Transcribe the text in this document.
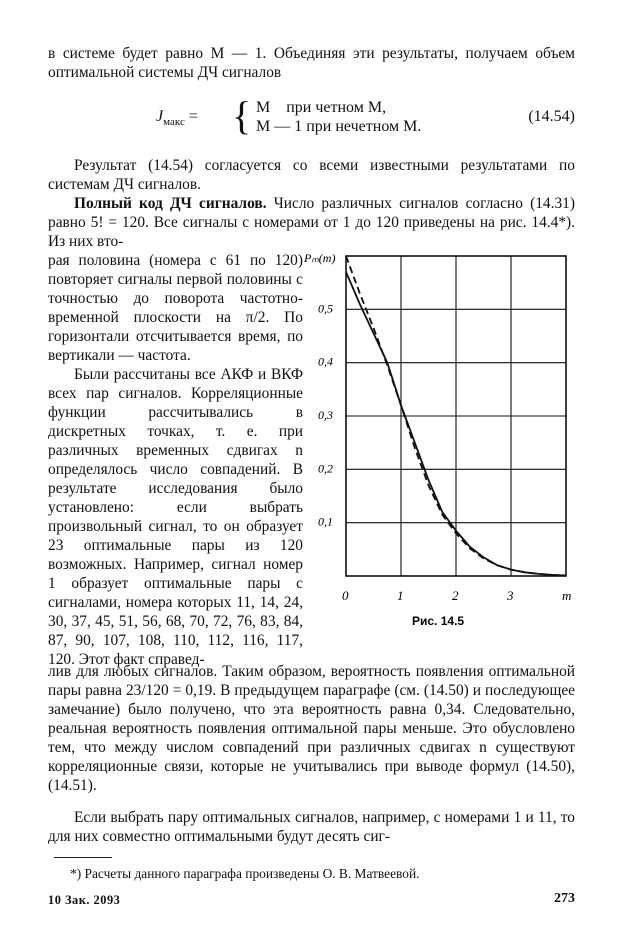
в системе будет равно M — 1. Объединяя эти результаты, получаем объем оптимальной системы ДЧ сигналов
$J_{макс}$ = { M    при четном M,
M — 1 при нечетном M.
(14.54)
Результат (14.54) согласуется со всеми известными результатами по системам ДЧ сигналов.
Полный код ДЧ сигналов. Число различных сигналов согласно (14.31) равно 5! = 120. Все сигналы с номерами от 1 до 120 приведены на рис. 14.4*). Из них вто-
рая половина (номера с 61 по 120) повторяет сигналы первой половины с точностью до поворота частотно-временной плоскости на π/2. По горизонтали отсчитывается время, по вертикали — частота.
Были рассчитаны все АКФ и ВКФ всех пар сигналов. Корреляционные функции рассчитывались в дискретных точках, т. е. при различных временных сдвигах n определялось число совпадений. В результате исследования было установлено: если выбрать произвольный сигнал, то он образует 23 оптимальные пары из 120 возможных. Например, сигнал номер 1 образует оптимальные пары с сигналами, номера которых 11, 14, 24, 30, 37, 45, 51, 56, 68, 70, 72, 76, 83, 84, 87, 90, 107, 108, 110, 112, 116, 117, 120. Этот факт справед-
лив для любых сигналов. Таким образом, вероятность появления оптимальной пары равна 23/120 = 0,19. В предыдущем параграфе (см. (14.50) и последующее замечание) было получено, что эта вероятность равна 0,34. Следовательно, реальная вероятность появления оптимальной пары меньше. Это обусловлено тем, что между числом совпадений при различных сдвигах n существуют корреляционные связи, которые не учитывались при выводе формул (14.50), (14.51).
Если выбрать пару оптимальных сигналов, например, с номерами 1 и 11, то для них совместно оптимальными будут десять сиг-
0	1	2	3	m
0,1
0,2
0,3
0,4
0,5
Pₘ(m)
Рис. 14.5
*) Расчеты данного параграфа произведены О. В. Матвеевой.
10 Зак. 2093	273
